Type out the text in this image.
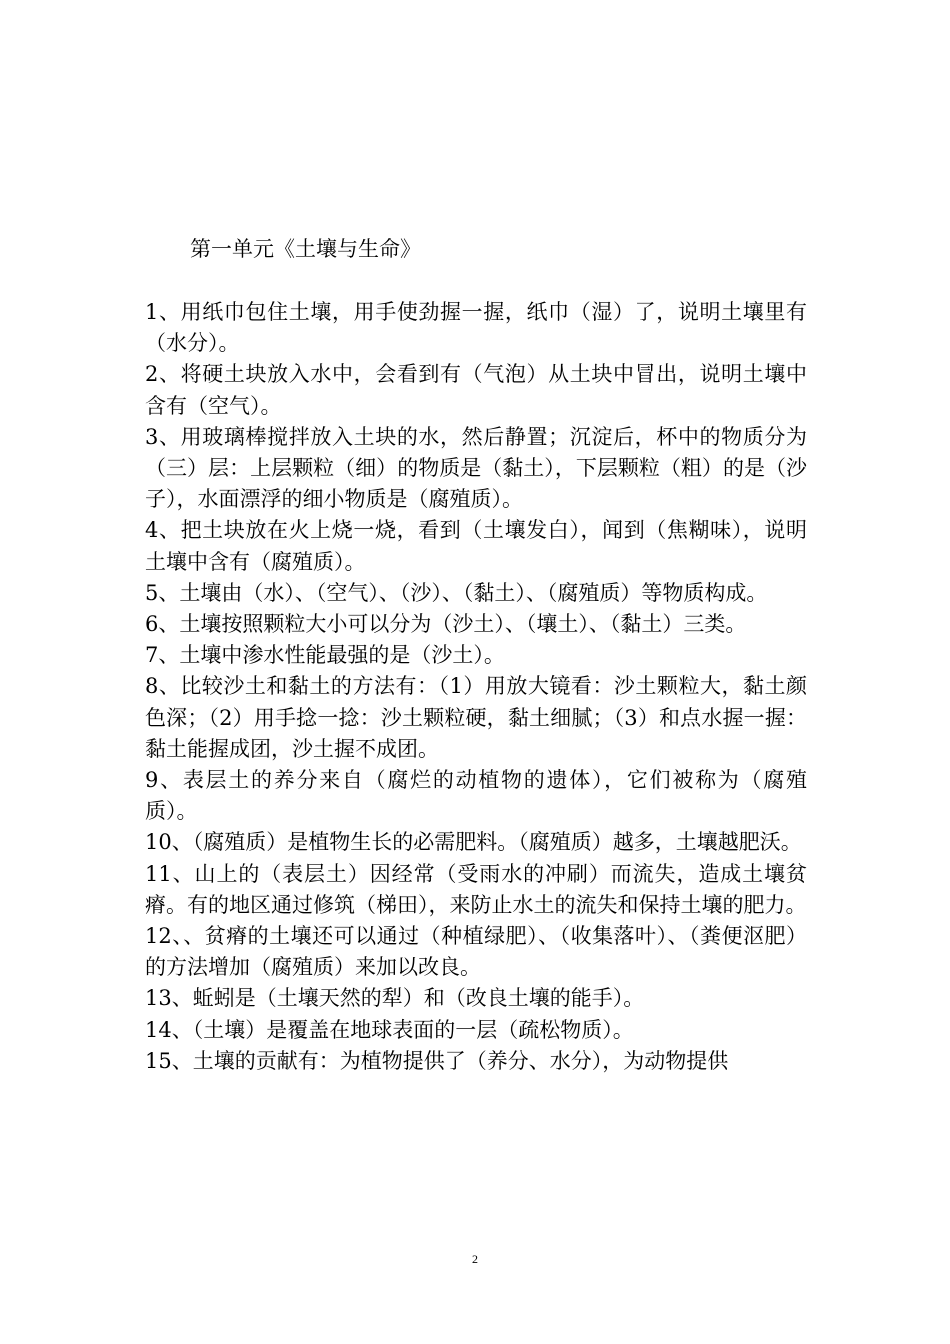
第一单元《土壤与生命》

1、用纸巾包住土壤，用手使劲握一握，纸巾（湿）了，说明土壤里有（水分）。

2、将硬土块放入水中，会看到有（气泡）从土块中冒出，说明土壤中含有（空气）。

3、用玻璃棒搅拌放入土块的水，然后静置；沉淀后，杯中的物质分为（三）层：上层颗粒（细）的物质是（黏土），下层颗粒（粗）的是（沙子），水面漂浮的细小物质是（腐殖质）。

4、把土块放在火上烧一烧，看到（土壤发白），闻到（焦糊味），说明土壤中含有（腐殖质）。

5、土壤由（水）、（空气）、（沙）、（黏土）、（腐殖质）等物质构成。

6、土壤按照颗粒大小可以分为（沙土）、（壤土）、（黏土）三类。

7、土壤中渗水性能最强的是（沙土）。

8、比较沙土和黏土的方法有：（1）用放大镜看：沙土颗粒大，黏土颜色深；（2）用手捻一捻：沙土颗粒硬，黏土细腻；（3）和点水握一握：黏土能握成团，沙土握不成团。

9、表层土的养分来自（腐烂的动植物的遗体），它们被称为（腐殖质）。

10、（腐殖质）是植物生长的必需肥料。（腐殖质）越多，土壤越肥沃。

11、山上的（表层土）因经常（受雨水的冲刷）而流失，造成土壤贫瘠。有的地区通过修筑（梯田），来防止水土的流失和保持土壤的肥力。

12、、贫瘠的土壤还可以通过（种植绿肥）、（收集落叶）、（粪便沤肥）的方法增加（腐殖质）来加以改良。

13、蚯蚓是（土壤天然的犁）和（改良土壤的能手）。

14、（土壤）是覆盖在地球表面的一层（疏松物质）。

15、土壤的贡献有：为植物提供了（养分、水分），为动物提供

2
